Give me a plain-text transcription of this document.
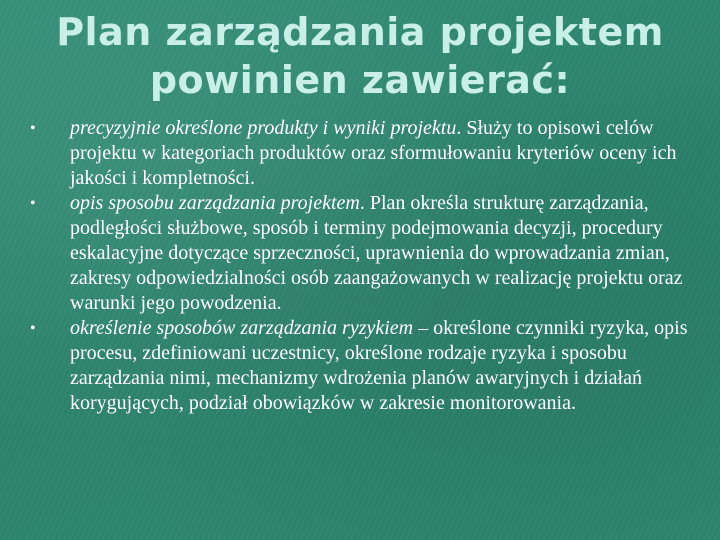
Plan zarządzania projektem
powinien zawierać:
• precyzyjnie określone produkty i wyniki projektu. Służy to opisowi celów projektu w kategoriach produktów oraz sformułowaniu kryteriów oceny ich jakości i kompletności.
• opis sposobu zarządzania projektem. Plan określa strukturę zarządzania, podległości służbowe, sposób i terminy podejmowania decyzji, procedury eskalacyjne dotyczące sprzeczności, uprawnienia do wprowadzania zmian, zakresy odpowiedzialności osób zaangażowanych w realizację projektu oraz warunki jego powodzenia.
• określenie sposobów zarządzania ryzykiem – określone czynniki ryzyka, opis procesu, zdefiniowani uczestnicy, określone rodzaje ryzyka i sposobu zarządzania nimi, mechanizmy wdrożenia planów awaryjnych i działań korygujących, podział obowiązków w zakresie monitorowania.
